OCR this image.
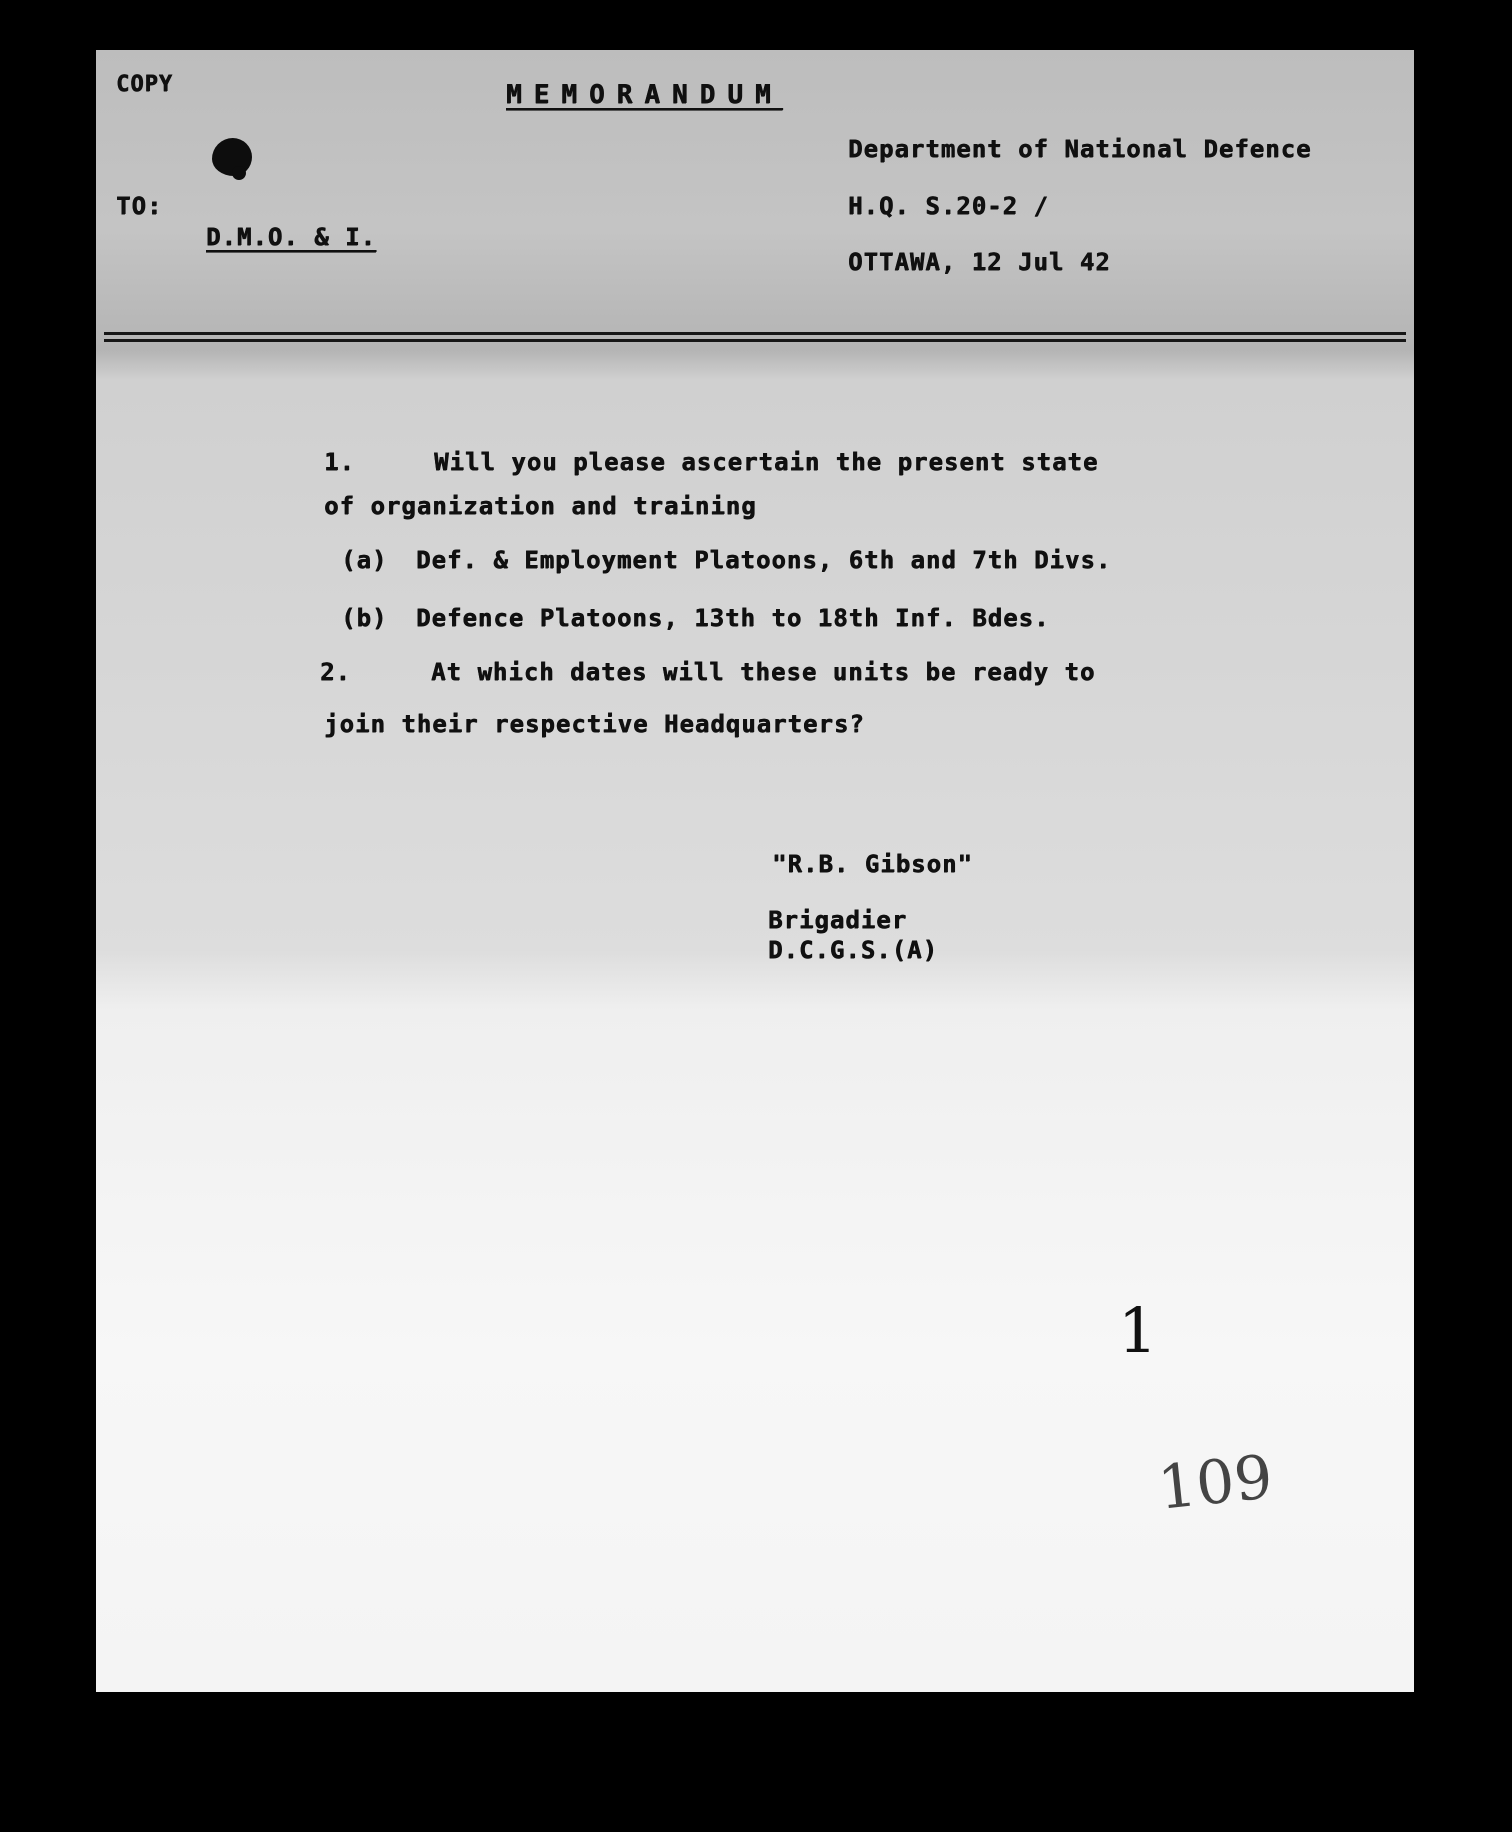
COPY	MEMORANDUM
TO:
D.M.O. & I.
Department of National Defence
H.Q. S.20-2 /
OTTAWA, 12 Jul 42
1.	Will you please ascertain the present state
of organization and training
(a) Def. & Employment Platoons, 6th and 7th Divs.
(b) Defence Platoons, 13th to 18th Inf. Bdes.
2.	At which dates will these units be ready to
join their respective Headquarters?
"R.B. Gibson"
Brigadier
D.C.G.S.(A)
1
109
